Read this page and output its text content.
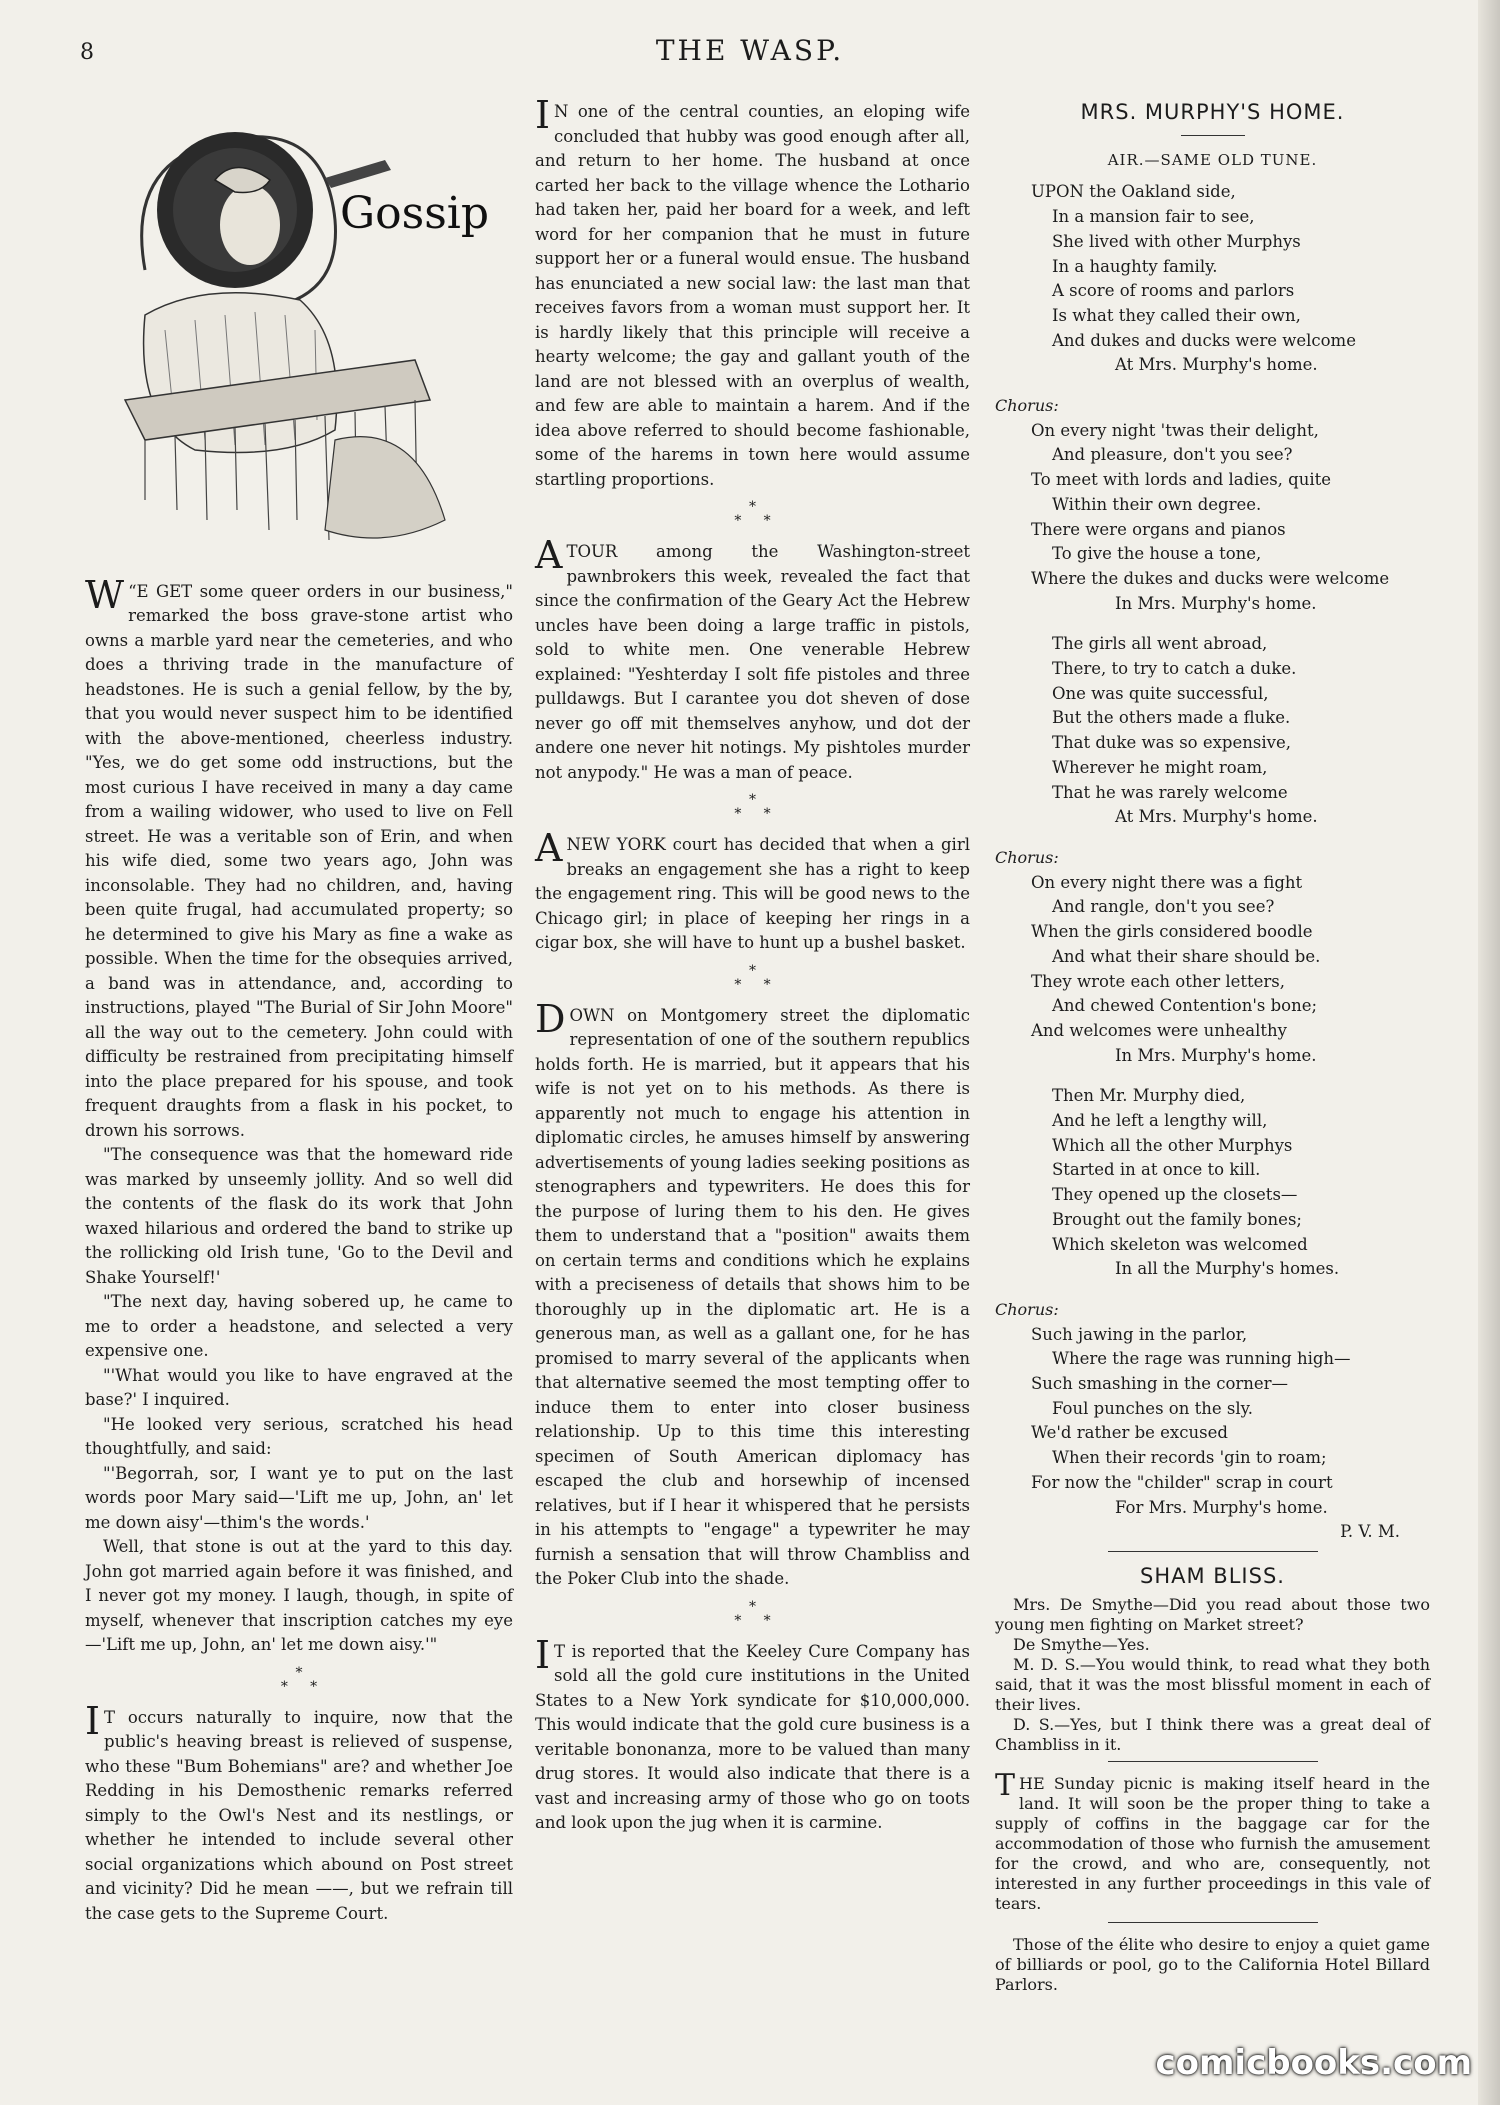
8	THE WASP.
Gossip

“
W E GET some queer orders in our business," remarked the boss grave-stone artist who owns a marble yard near the cemeteries, and who does a thriving trade in the manufacture of headstones. He is such a genial fellow, by the by, that you would never suspect him to be identified with the above-mentioned, cheerless industry. "Yes, we do get some odd instructions, but the most curious I have received in many a day came from a wailing widower, who used to live on Fell street. He was a veritable son of Erin, and when his wife died, some two years ago, John was inconsolable. They had no children, and, having been quite frugal, had accumulated property; so he determined to give his Mary as fine a wake as possible. When the time for the obsequies arrived, a band was in attendance, and, according to instructions, played "The Burial of Sir John Moore" all the way out to the cemetery. John could with difficulty be restrained from precipitating himself into the place prepared for his spouse, and took frequent draughts from a flask in his pocket, to drown his sorrows.

"The consequence was that the homeward ride was marked by unseemly jollity. And so well did the contents of the flask do its work that John waxed hilarious and ordered the band to strike up the rollicking old Irish tune, 'Go to the Devil and Shake Yourself!'

"The next day, having sobered up, he came to me to order a headstone, and selected a very expensive one.

"'What would you like to have engraved at the base?' I inquired.

"He looked very serious, scratched his head thoughtfully, and said:

"'Begorrah, sor, I want ye to put on the last words poor Mary said—'Lift me up, John, an' let me down aisy'—thim's the words.'

Well, that stone is out at the yard to this day. John got married again before it was finished, and I never got my money. I laugh, though, in spite of myself, whenever that inscription catches my eye—'Lift me up, John, an' let me down aisy.'"

*
*     *

I T occurs naturally to inquire, now that the public's heaving breast is relieved of suspense, who these "Bum Bohemians" are? and whether Joe Redding in his Demosthenic remarks referred simply to the Owl's Nest and its nestlings, or whether he intended to include several other social organizations which abound on Post street and vicinity? Did he mean ——, but we refrain till the case gets to the Supreme Court.

I N one of the central counties, an eloping wife concluded that hubby was good enough after all, and return to her home. The husband at once carted her back to the village whence the Lothario had taken her, paid her board for a week, and left word for her companion that he must in future support her or a funeral would ensue. The husband has enunciated a new social law: the last man that receives favors from a woman must support her. It is hardly likely that this principle will receive a hearty welcome; the gay and gallant youth of the land are not blessed with an overplus of wealth, and few are able to maintain a harem. And if the idea above referred to should become fashionable, some of the harems in town here would assume startling proportions.

*
*     *

ATOUR among the Washington-street pawnbrokers this week, revealed the fact that since the confirmation of the Geary Act the Hebrew uncles have been doing a large traffic in pistols, sold to white men. One venerable Hebrew explained: "Yeshterday I solt fife pistoles and three pulldawgs. But I carantee you dot sheven of dose never go off mit themselves anyhow, und dot der andere one never hit notings. My pishtoles murder not anypody." He was a man of peace.

*
*     *

ANEW YORK court has decided that when a girl breaks an engagement she has a right to keep the engagement ring. This will be good news to the Chicago girl; in place of keeping her rings in a cigar box, she will have to hunt up a bushel basket.

*
*     *

DOWN on Montgomery street the diplomatic representation of one of the southern republics holds forth. He is married, but it appears that his wife is not yet on to his methods. As there is apparently not much to engage his attention in diplomatic circles, he amuses himself by answering advertisements of young ladies seeking positions as stenographers and typewriters. He does this for the purpose of luring them to his den. He gives them to understand that a "position" awaits them on certain terms and conditions which he explains with a preciseness of details that shows him to be thoroughly up in the diplomatic art. He is a generous man, as well as a gallant one, for he has promised to marry several of the applicants when that alternative seemed the most tempting offer to induce them to enter into closer business relationship. Up to this time this interesting specimen of South American diplomacy has escaped the club and horsewhip of incensed relatives, but if I hear it whispered that he persists in his attempts to "engage" a typewriter he may furnish a sensation that will throw Chambliss and the Poker Club into the shade.

*
*     *

I T is reported that the Keeley Cure Company has sold all the gold cure institutions in the United States to a New York syndicate for $10,000,000. This would indicate that the gold cure business is a veritable bononanza, more to be valued than many drug stores. It would also indicate that there is a vast and increasing army of those who go on toots and look upon the jug when it is carmine.

MRS. MURPHY'S HOME.
AIR.—SAME OLD TUNE.
UPON the Oakland side,
In a mansion fair to see,
She lived with other Murphys
In a haughty family.
A score of rooms and parlors
Is what they called their own,
And dukes and ducks were welcome
At Mrs. Murphy's home.
Chorus:
On every night 'twas their delight,
And pleasure, don't you see?
To meet with lords and ladies, quite
Within their own degree.
There were organs and pianos
To give the house a tone,
Where the dukes and ducks were welcome
In Mrs. Murphy's home.
The girls all went abroad,
There, to try to catch a duke.
One was quite successful,
But the others made a fluke.
That duke was so expensive,
Wherever he might roam,
That he was rarely welcome
At Mrs. Murphy's home.
Chorus:
On every night there was a fight
And rangle, don't you see?
When the girls considered boodle
And what their share should be.
They wrote each other letters,
And chewed Contention's bone;
And welcomes were unhealthy
In Mrs. Murphy's home.
Then Mr. Murphy died,
And he left a lengthy will,
Which all the other Murphys
Started in at once to kill.
They opened up the closets—
Brought out the family bones;
Which skeleton was welcomed
In all the Murphy's homes.
Chorus:
Such jawing in the parlor,
Where the rage was running high—
Such smashing in the corner—
Foul punches on the sly.
We'd rather be excused
When their records 'gin to roam;
For now the "childer" scrap in court
For Mrs. Murphy's home.
P. V. M.
SHAM BLISS.

Mrs. De Smythe—Did you read about those two young men fighting on Market street?

De Smythe—Yes.

M. D. S.—You would think, to read what they both said, that it was the most blissful moment in each of their lives.

D. S.—Yes, but I think there was a great deal of Chambliss in it.

THE Sunday picnic is making itself heard in the land. It will soon be the proper thing to take a supply of coffins in the baggage car for the accommodation of those who furnish the amusement for the crowd, and who are, consequently, not interested in any further proceedings in this vale of tears.

Those of the élite who desire to enjoy a quiet game of billiards or pool, go to the California Hotel Billard Parlors.

comicbooks.com
